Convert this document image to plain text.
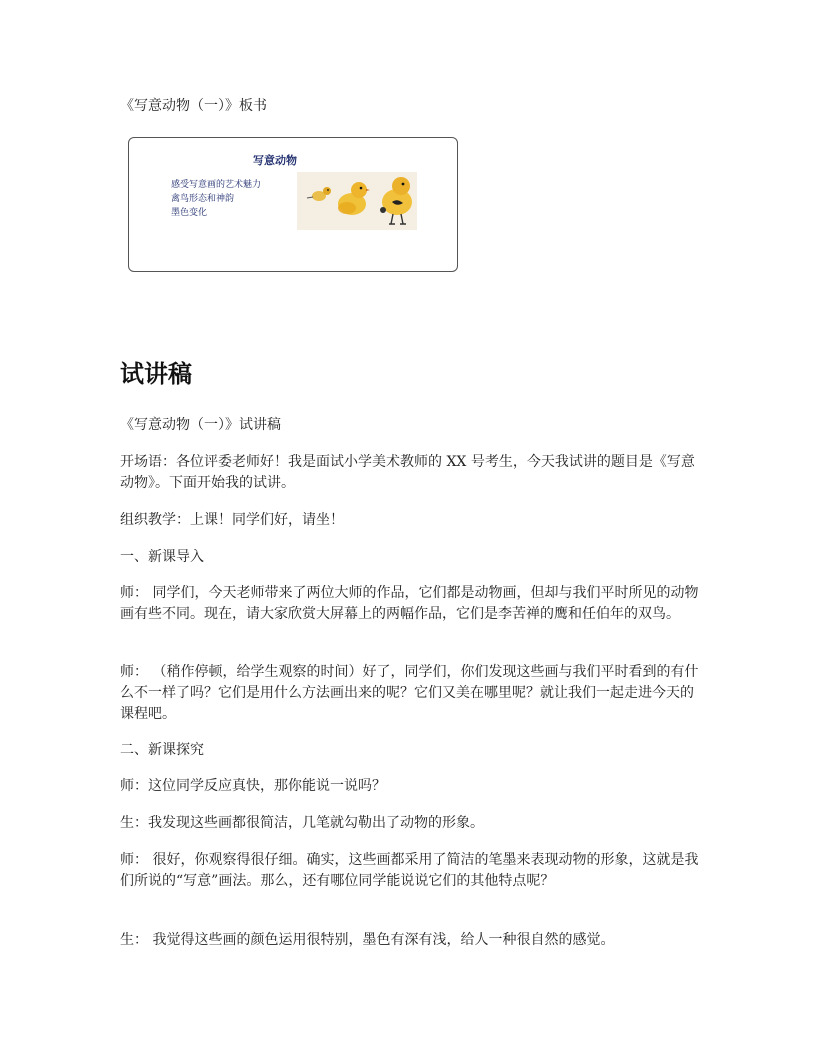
《写意动物（一）》板书
写意动物
感受写意画的艺术魅力
禽鸟形态和神韵
墨色变化
试讲稿

《写意动物（一）》试讲稿

开场语：各位评委老师好！我是面试小学美术教师的 XX 号考生，今天我试讲的题目是《写意动物》。下面开始我的试讲。

组织教学：上课！同学们好，请坐！

一、新课导入

师： 同学们，今天老师带来了两位大师的作品，它们都是动物画，但却与我们平时所见的动物画有些不同。现在，请大家欣赏大屏幕上的两幅作品，它们是李苦禅的鹰和任伯年的双鸟。

师： （稍作停顿，给学生观察的时间）好了，同学们，你们发现这些画与我们平时看到的有什么不一样了吗？它们是用什么方法画出来的呢？它们又美在哪里呢？就让我们一起走进今天的课程吧。

二、新课探究

师：这位同学反应真快，那你能说一说吗？

生：我发现这些画都很简洁，几笔就勾勒出了动物的形象。

师： 很好，你观察得很仔细。确实，这些画都采用了简洁的笔墨来表现动物的形象，这就是我们所说的“写意”画法。那么，还有哪位同学能说说它们的其他特点呢？

生： 我觉得这些画的颜色运用很特别，墨色有深有浅，给人一种很自然的感觉。
